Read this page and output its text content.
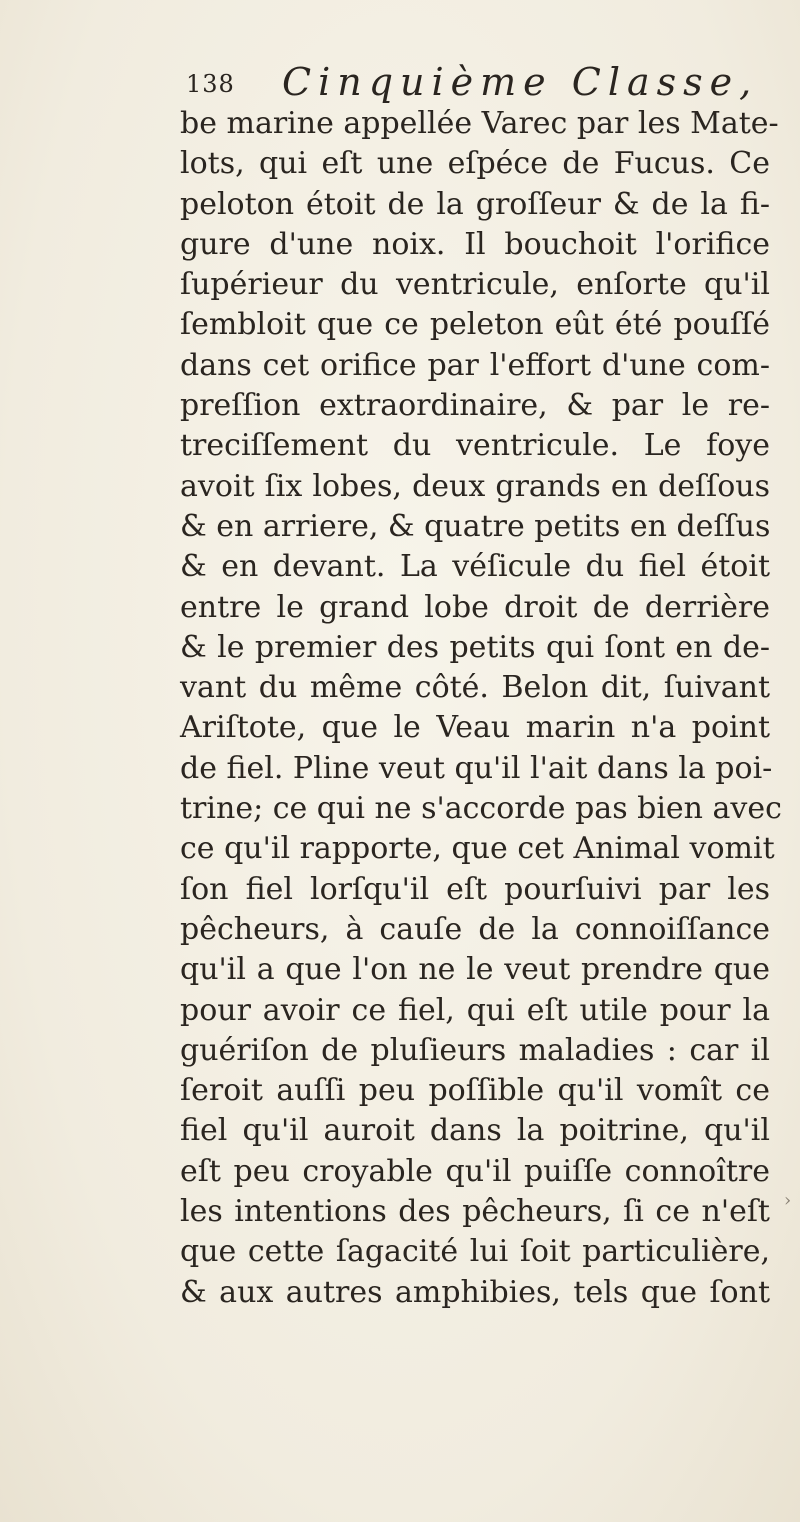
138 Cinquième Classe,
be marine appellée Varec par les Mate-
lots, qui eſt une eſpéce de Fucus. Ce
peloton étoit de la groſſeur & de la fi-
gure d'une noix. Il bouchoit l'orifice
ſupérieur du ventricule, enſorte qu'il
ſembloit que ce peleton eût été pouſſé
dans cet orifice par l'effort d'une com-
preſſion extraordinaire, & par le re-
treciſſement du ventricule. Le foye
avoit ſix lobes, deux grands en deſſous
& en arriere, & quatre petits en deſſus
& en devant. La véſicule du fiel étoit
entre le grand lobe droit de derrière
& le premier des petits qui ſont en de-
vant du même côté. Belon dit, ſuivant
Ariſtote, que le Veau marin n'a point
de fiel. Pline veut qu'il l'ait dans la poi-
trine; ce qui ne s'accorde pas bien avec
ce qu'il rapporte, que cet Animal vomit
ſon fiel lorſqu'il eſt pourſuivi par les
pêcheurs, à cauſe de la connoiſſance
qu'il a que l'on ne le veut prendre que
pour avoir ce fiel, qui eſt utile pour la
guériſon de pluſieurs maladies : car il
ſeroit auſſi peu poſſible qu'il vomît ce
fiel qu'il auroit dans la poitrine, qu'il
eſt peu croyable qu'il puiſſe connoître
les intentions des pêcheurs, ſi ce n'eſt
que cette ſagacité lui ſoit particulière,
& aux autres amphibies, tels que ſont
›
